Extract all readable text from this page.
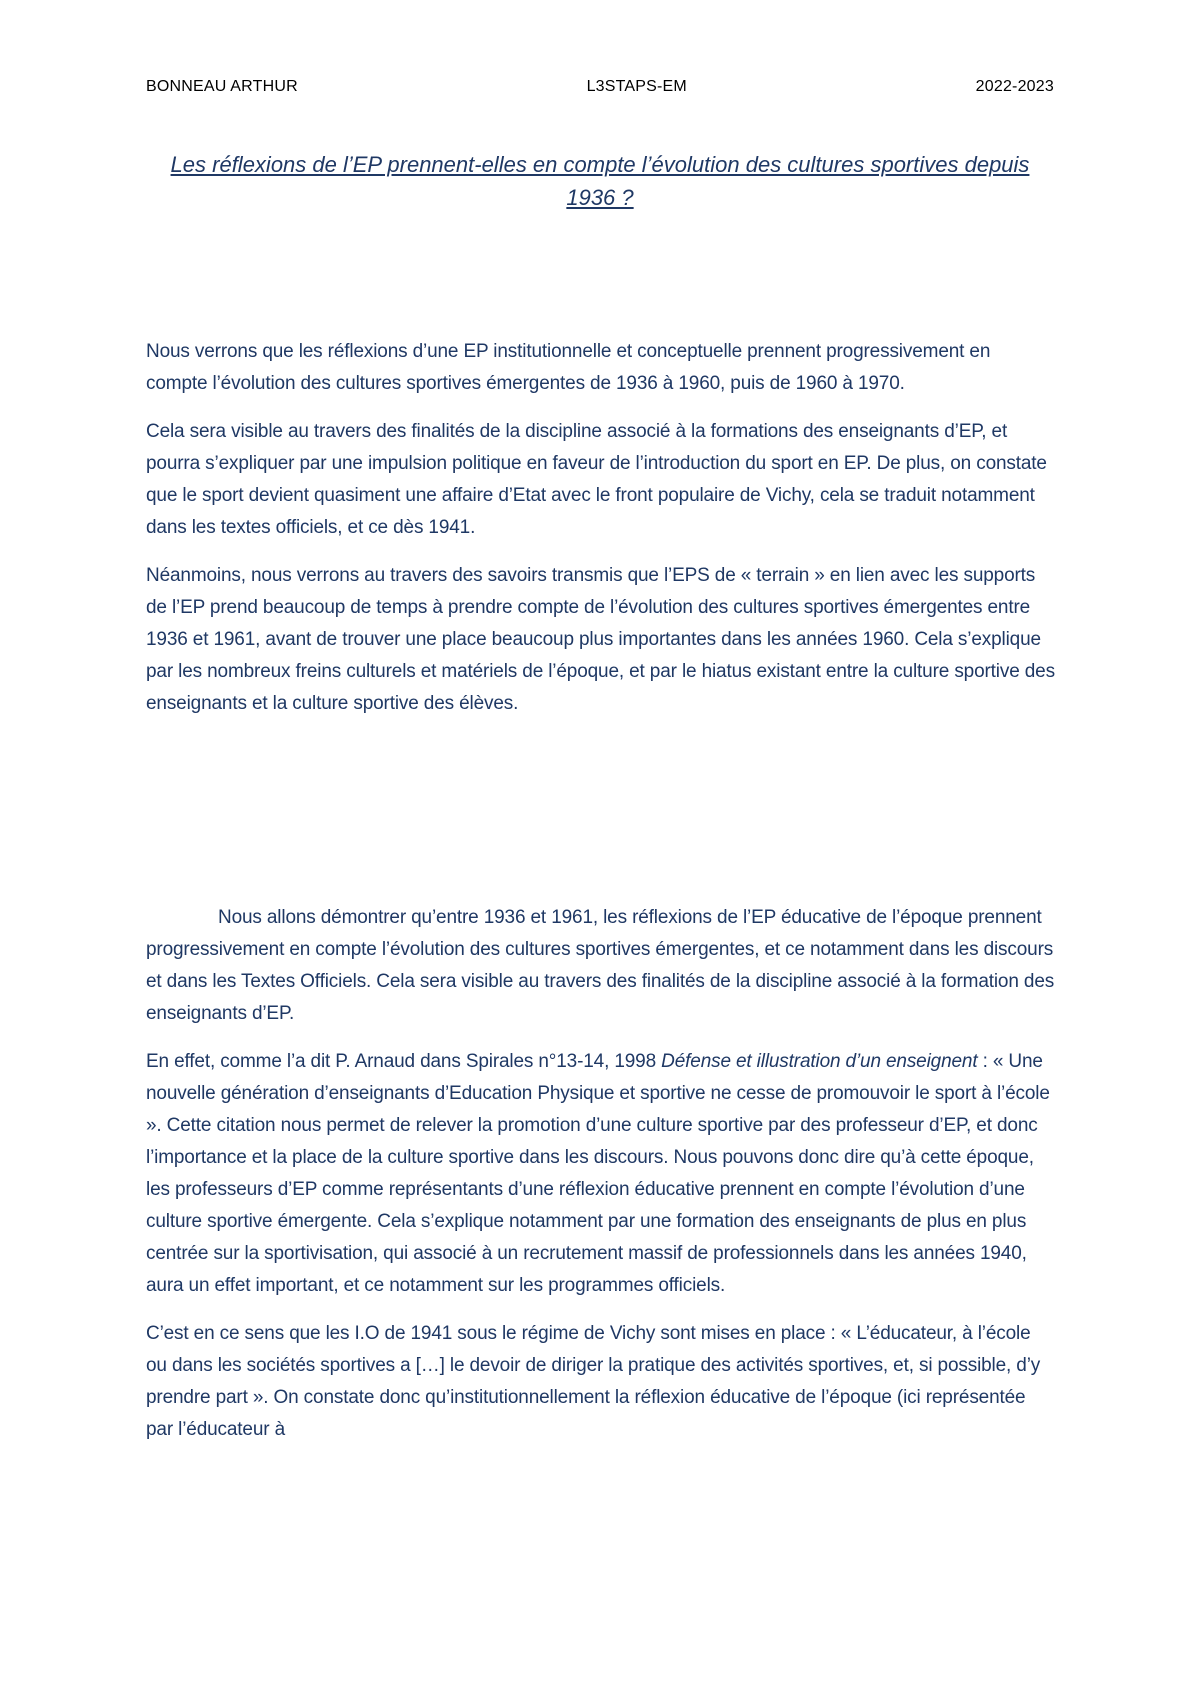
BONNEAU ARTHUR	L3STAPS-EM	2022-2023
Les réflexions de l’EP prennent-elles en compte l’évolution des cultures sportives depuis 1936 ?

Nous verrons que les réflexions d’une EP institutionnelle et conceptuelle prennent progressivement en compte l’évolution des cultures sportives émergentes de 1936 à 1960, puis de 1960 à 1970.

Cela sera visible au travers des finalités de la discipline associé à la formations des enseignants d’EP, et pourra s’expliquer par une impulsion politique en faveur de l’introduction du sport en EP. De plus, on constate que le sport devient quasiment une affaire d’Etat avec le front populaire de Vichy, cela se traduit notamment dans les textes officiels, et ce dès 1941.

Néanmoins, nous verrons au travers des savoirs transmis que l’EPS de « terrain » en lien avec les supports de l’EP prend beaucoup de temps à prendre compte de l’évolution des cultures sportives émergentes entre 1936 et 1961, avant de trouver une place beaucoup plus importantes dans les années 1960. Cela s’explique par les nombreux freins culturels et matériels de l’époque, et par le hiatus existant entre la culture sportive des enseignants et la culture sportive des élèves.

Nous allons démontrer qu’entre 1936 et 1961, les réflexions de l’EP éducative de l’époque prennent progressivement en compte l’évolution des cultures sportives émergentes, et ce notamment dans les discours et dans les Textes Officiels. Cela sera visible au travers des finalités de la discipline associé à la formation des enseignants d’EP.

En effet, comme l’a dit P. Arnaud dans Spirales n°13-14, 1998 Défense et illustration d’un enseignent : « Une nouvelle génération d’enseignants d’Education Physique et sportive ne cesse de promouvoir le sport à l’école ». Cette citation nous permet de relever la promotion d’une culture sportive par des professeur d’EP, et donc l’importance et la place de la culture sportive dans les discours. Nous pouvons donc dire qu’à cette époque, les professeurs d’EP comme représentants d’une réflexion éducative prennent en compte l’évolution d’une culture sportive émergente. Cela s’explique notamment par une formation des enseignants de plus en plus centrée sur la sportivisation, qui associé à un recrutement massif de professionnels dans les années 1940, aura un effet important, et ce notamment sur les programmes officiels.

C’est en ce sens que les I.O de 1941 sous le régime de Vichy sont mises en place : « L’éducateur, à l’école ou dans les sociétés sportives a […] le devoir de diriger la pratique des activités sportives, et, si possible, d’y prendre part ». On constate donc qu’institutionnellement la réflexion éducative de l’époque (ici représentée par l’éducateur à
